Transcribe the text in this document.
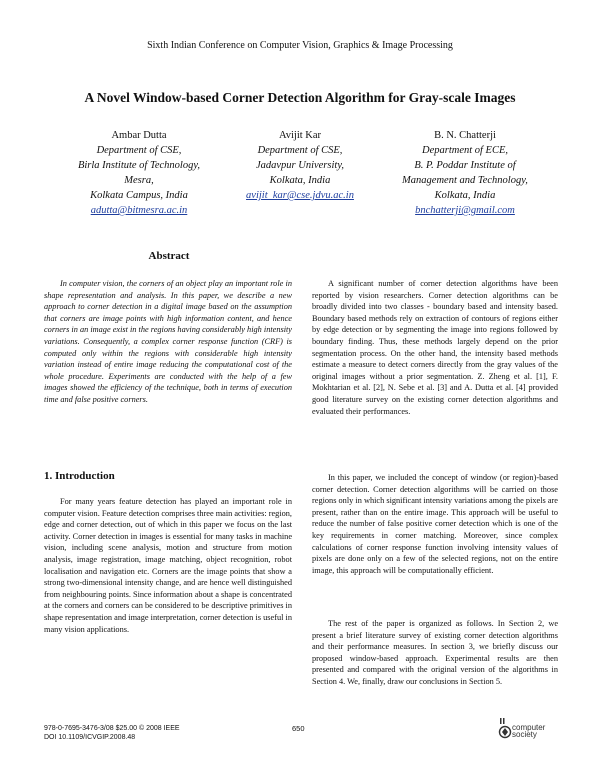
Sixth Indian Conference on Computer Vision, Graphics & Image Processing
A Novel Window-based Corner Detection Algorithm for Gray-scale Images
Ambar Dutta
Department of CSE,
Birla Institute of Technology,
Mesra,
Kolkata Campus, India
adutta@bitmesra.ac.in
Avijit Kar
Department of CSE,
Jadavpur University,
Kolkata, India
avijit_kar@cse.jdvu.ac.in
B. N. Chatterji
Department of ECE,
B. P. Poddar Institute of
Management and Technology,
Kolkata, India
bnchatterji@gmail.com
Abstract

In computer vision, the corners of an object play an important role in shape representation and analysis. In this paper, we describe a new approach to corner detection in a digital image based on the assumption that corners are image points with high information content, and hence corners in an image exist in the regions having considerably high intensity variations. Consequently, a complex corner response function (CRF) is computed only within the regions with considerable high intensity variation instead of entire image reducing the computational cost of the whole procedure. Experiments are conducted with the help of a few images showed the efficiency of the technique, both in terms of execution time and false positive corners.

1. Introduction

For many years feature detection has played an important role in computer vision. Feature detection comprises three main activities: region, edge and corner detection, out of which in this paper we focus on the last activity. Corner detection in images is essential for many tasks in machine vision, including scene analysis, motion and structure from motion analysis, image registration, image matching, object recognition, robot localisation and navigation etc. Corners are the image points that show a strong two-dimensional intensity change, and are hence well distinguished from neighbouring points. Since information about a shape is concentrated at the corners and corners can be considered to be descriptive primitives in shape representation and image interpretation, corner detection is useful in many vision applications.

A significant number of corner detection algorithms have been reported by vision researchers. Corner detection algorithms can be broadly divided into two classes - boundary based and intensity based. Boundary based methods rely on extraction of contours of regions either by edge detection or by segmenting the image into regions followed by boundary finding. Thus, these methods largely depend on the prior segmentation process. On the other hand, the intensity based methods estimate a measure to detect corners directly from the gray values of the original images without a prior segmentation. Z. Zheng et al. [1], F. Mokhtarian et al. [2], N. Sebe et al. [3] and A. Dutta et al. [4] provided good literature survey on the existing corner detection algorithms and evaluated their performances.

In this paper, we included the concept of window (or region)-based corner detection. Corner detection algorithms will be carried on those regions only in which significant intensity variations among the pixels are present, rather than on the entire image. This approach will be useful to reduce the number of false positive corner detection which is one of the key requirements in corner matching. Moreover, since complex calculations of corner response function involving intensity values of pixels are done only on a few of the selected regions, not on the entire image, this approach will be computationally efficient.

The rest of the paper is organized as follows. In Section 2, we present a brief literature survey of existing corner detection algorithms and their performance measures. In section 3, we briefly discuss our proposed window-based approach. Experimental results are then presented and compared with the original version of the algorithms in Section 4. We, finally, draw our conclusions in Section 5.

978-0-7695-3476-3/08 $25.00 © 2008 IEEE
DOI 10.1109/ICVGIP.2008.48
650	computer
society
